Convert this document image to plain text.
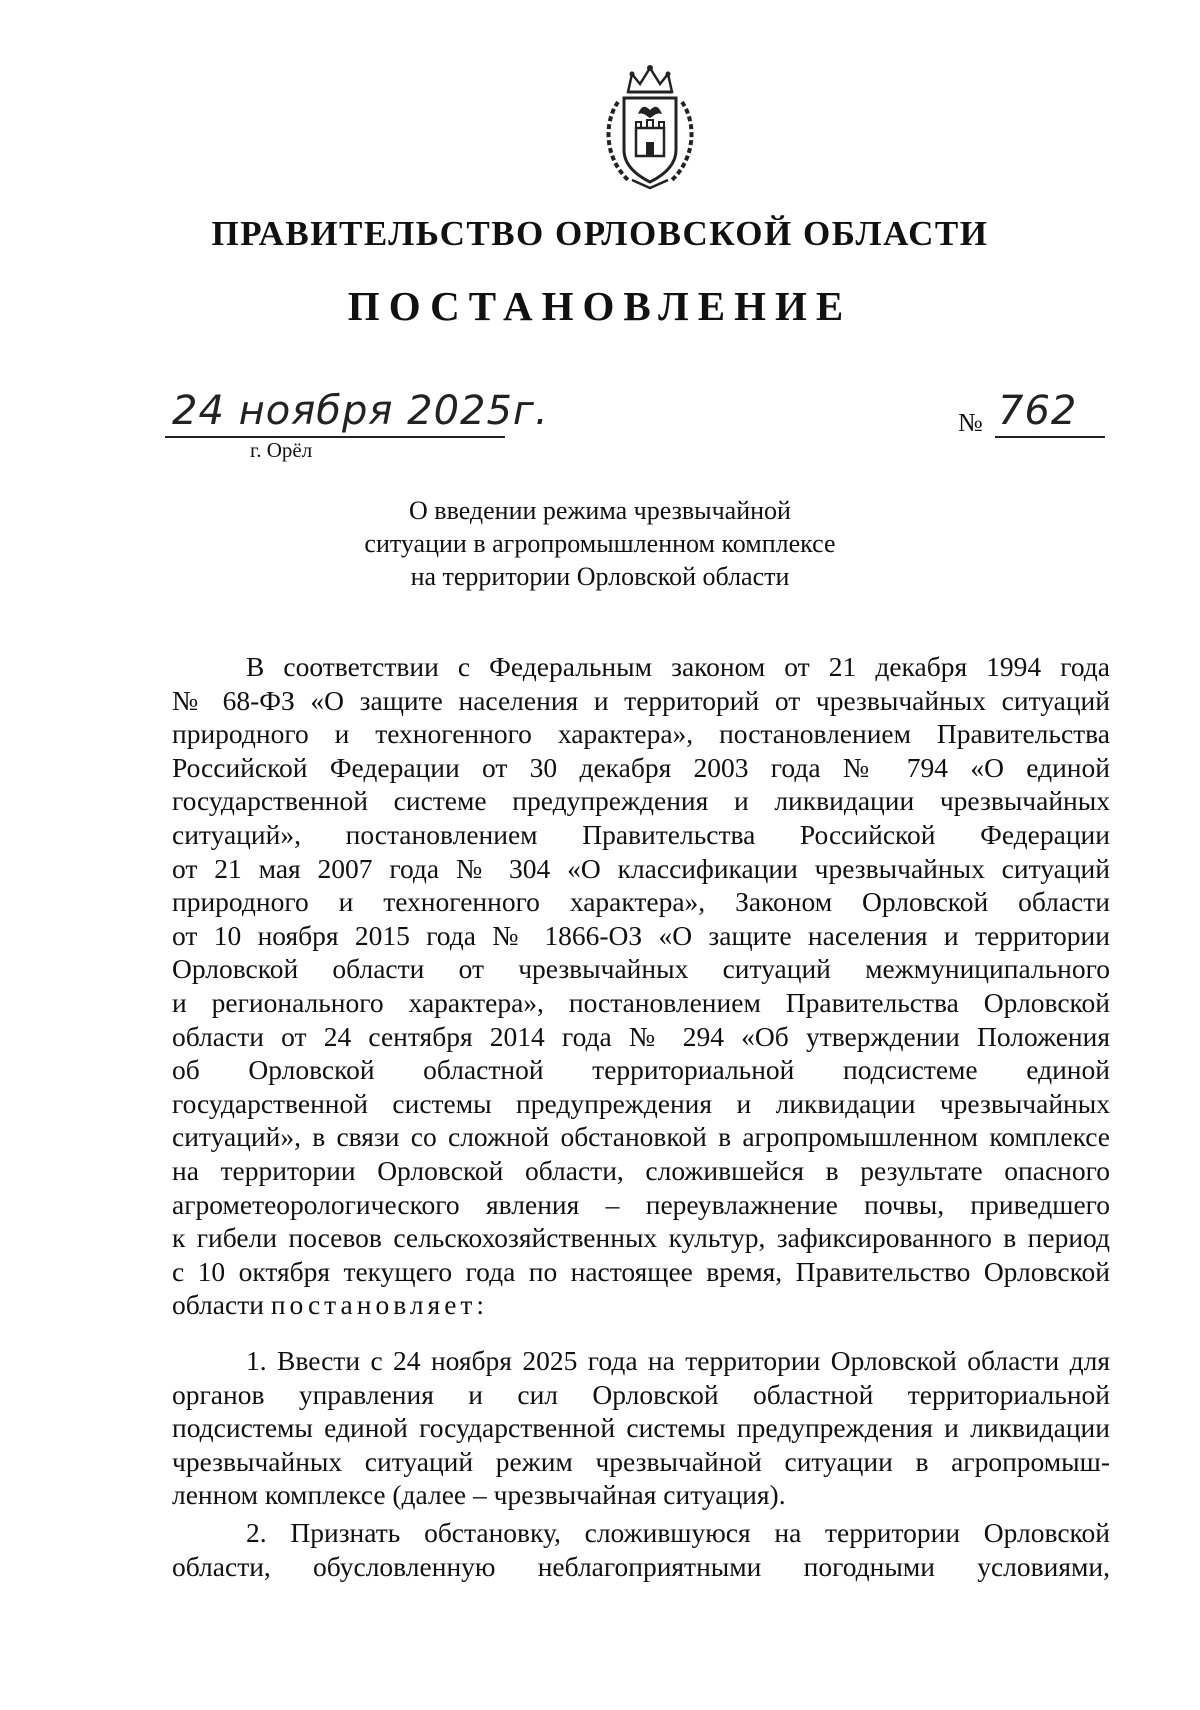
ПРАВИТЕЛЬСТВО ОРЛОВСКОЙ ОБЛАСТИ
ПОСТАНОВЛЕНИЕ
24 ноября 2025г.
г. Орёл
№ 762
О введении режима чрезвычайной
ситуации в агропромышленном комплексе
на территории Орловской области
В соответствии с Федеральным законом от 21 декабря 1994 года
№ 68-ФЗ «О защите населения и территорий от чрезвычайных ситуаций
природного и техногенного характера», постановлением Правительства
Российской Федерации от 30 декабря 2003 года № 794 «О единой
государственной системе предупреждения и ликвидации чрезвычайных
ситуаций», постановлением Правительства Российской Федерации
от 21 мая 2007 года № 304 «О классификации чрезвычайных ситуаций
природного и техногенного характера», Законом Орловской области
от 10 ноября 2015 года № 1866-ОЗ «О защите населения и территории
Орловской области от чрезвычайных ситуаций межмуниципального
и регионального характера», постановлением Правительства Орловской
области от 24 сентября 2014 года № 294 «Об утверждении Положения
об Орловской областной территориальной подсистеме единой
государственной системы предупреждения и ликвидации чрезвычайных
ситуаций», в связи со сложной обстановкой в агропромышленном комплексе
на территории Орловской области, сложившейся в результате опасного
агрометеорологического явления – переувлажнение почвы, приведшего
к гибели посевов сельскохозяйственных культур, зафиксированного в период
с 10 октября текущего года по настоящее время, Правительство Орловской
области постановляет:
1. Ввести с 24 ноября 2025 года на территории Орловской области для
органов управления и сил Орловской областной территориальной
подсистемы единой государственной системы предупреждения и ликвидации
чрезвычайных ситуаций режим чрезвычайной ситуации в агропромыш-
ленном комплексе (далее – чрезвычайная ситуация).
2. Признать обстановку, сложившуюся на территории Орловской
области, обусловленную неблагоприятными погодными условиями,
